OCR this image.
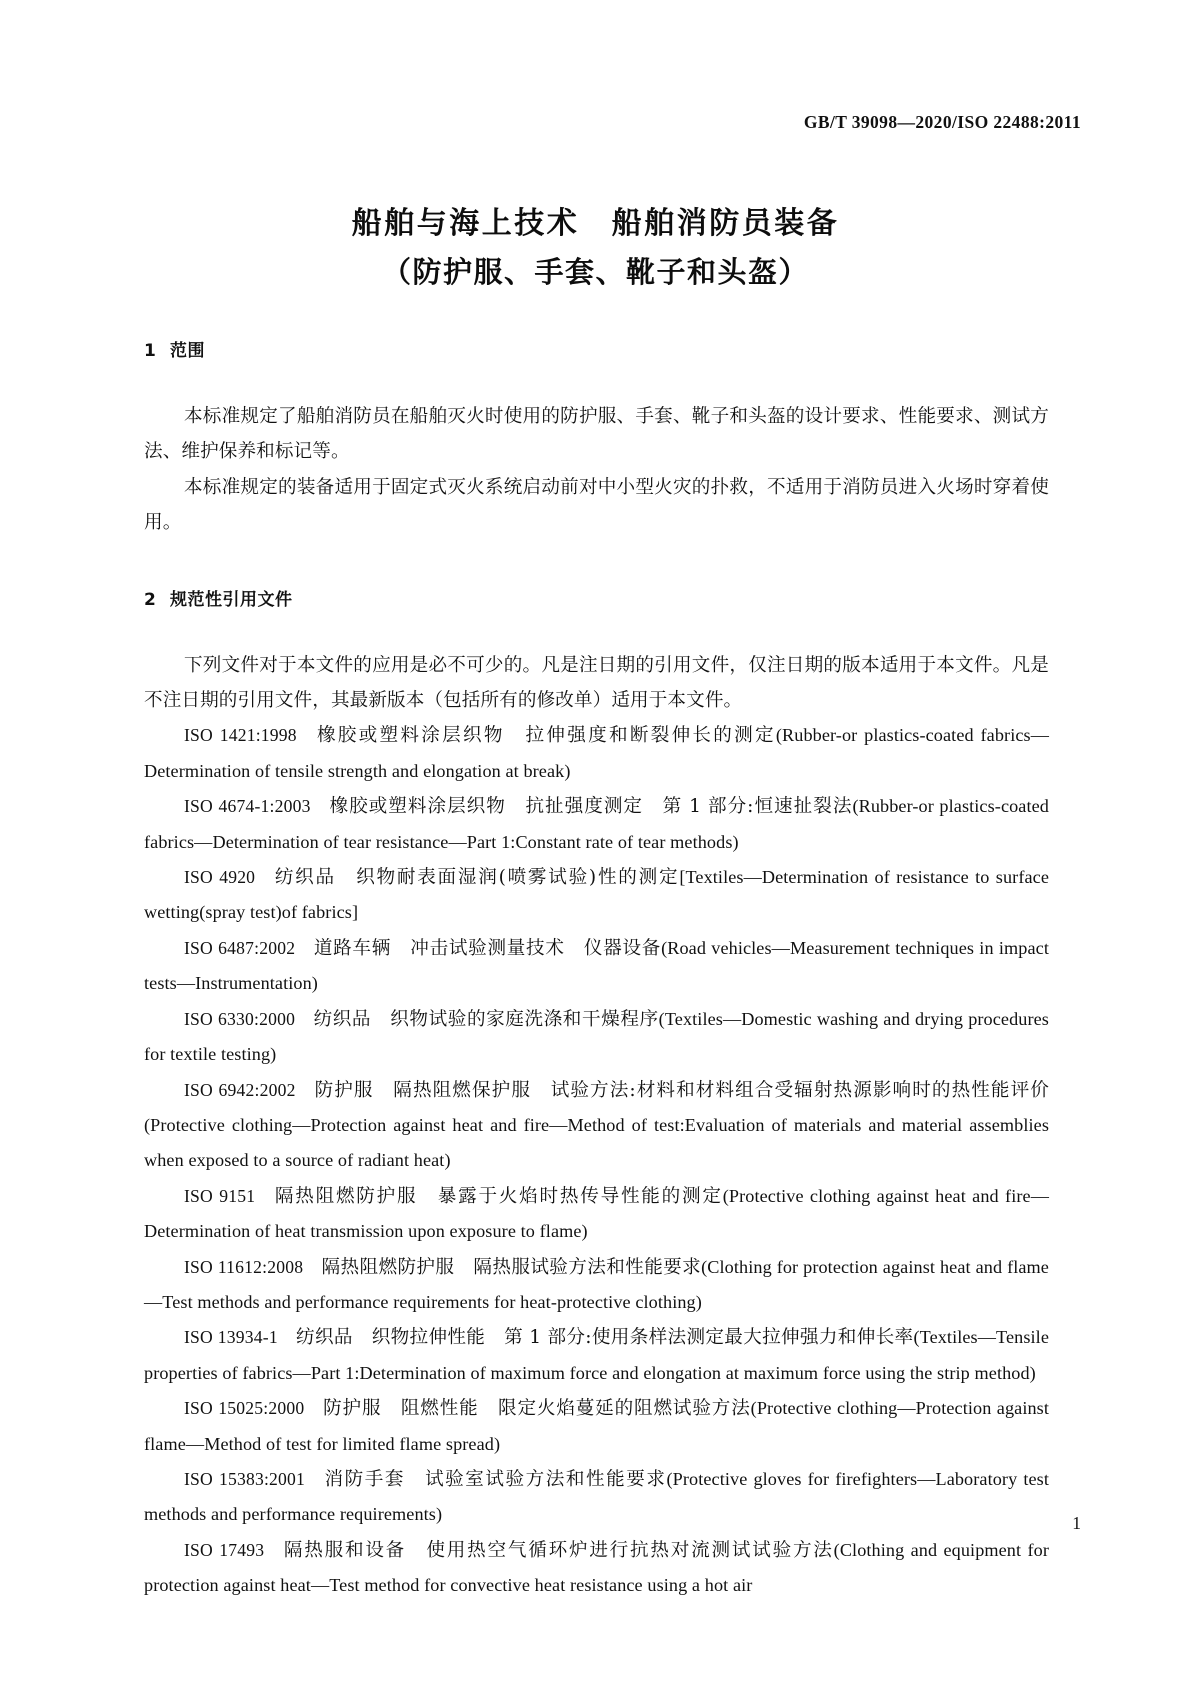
GB/T 39098—2020/ISO 22488:2011
船舶与海上技术　船舶消防员装备
（防护服、手套、靴子和头盔）
1 范围

本标准规定了船舶消防员在船舶灭火时使用的防护服、手套、靴子和头盔的设计要求、性能要求、测试方法、维护保养和标记等。

本标准规定的装备适用于固定式灭火系统启动前对中小型火灾的扑救，不适用于消防员进入火场时穿着使用。

2 规范性引用文件

下列文件对于本文件的应用是必不可少的。凡是注日期的引用文件，仅注日期的版本适用于本文件。凡是不注日期的引用文件，其最新版本（包括所有的修改单）适用于本文件。

ISO 1421:1998 橡胶或塑料涂层织物　拉伸强度和断裂伸长的测定(Rubber-or plastics-coated fabrics—Determination of tensile strength and elongation at break)

ISO 4674-1:2003 橡胶或塑料涂层织物　抗扯强度测定　第 1 部分:恒速扯裂法(Rubber-or plastics-coated fabrics—Determination of tear resistance—Part 1:Constant rate of tear methods)

ISO 4920 纺织品　织物耐表面湿润(喷雾试验)性的测定[Textiles—Determination of resistance to surface wetting(spray test)of fabrics]

ISO 6487:2002 道路车辆　冲击试验测量技术　仪器设备(Road vehicles—Measurement techniques in impact tests—Instrumentation)

ISO 6330:2000 纺织品　织物试验的家庭洗涤和干燥程序(Textiles—Domestic washing and drying procedures for textile testing)

ISO 6942:2002 防护服　隔热阻燃保护服　试验方法:材料和材料组合受辐射热源影响时的热性能评价(Protective clothing—Protection against heat and fire—Method of test:Evaluation of materials and material assemblies when exposed to a source of radiant heat)

ISO 9151 隔热阻燃防护服　暴露于火焰时热传导性能的测定(Protective clothing against heat and fire—Determination of heat transmission upon exposure to flame)

ISO 11612:2008 隔热阻燃防护服　隔热服试验方法和性能要求(Clothing for protection against heat and flame—Test methods and performance requirements for heat-protective clothing)

ISO 13934-1 纺织品　织物拉伸性能　第 1 部分:使用条样法测定最大拉伸强力和伸长率(Textiles—Tensile properties of fabrics—Part 1:Determination of maximum force and elongation at maximum force using the strip method)

ISO 15025:2000 防护服　阻燃性能　限定火焰蔓延的阻燃试验方法(Protective clothing—Protection against flame—Method of test for limited flame spread)

ISO 15383:2001 消防手套　试验室试验方法和性能要求(Protective gloves for firefighters—Laboratory test methods and performance requirements)

ISO 17493 隔热服和设备　使用热空气循环炉进行抗热对流测试试验方法(Clothing and equipment for protection against heat—Test method for convective heat resistance using a hot air

1
